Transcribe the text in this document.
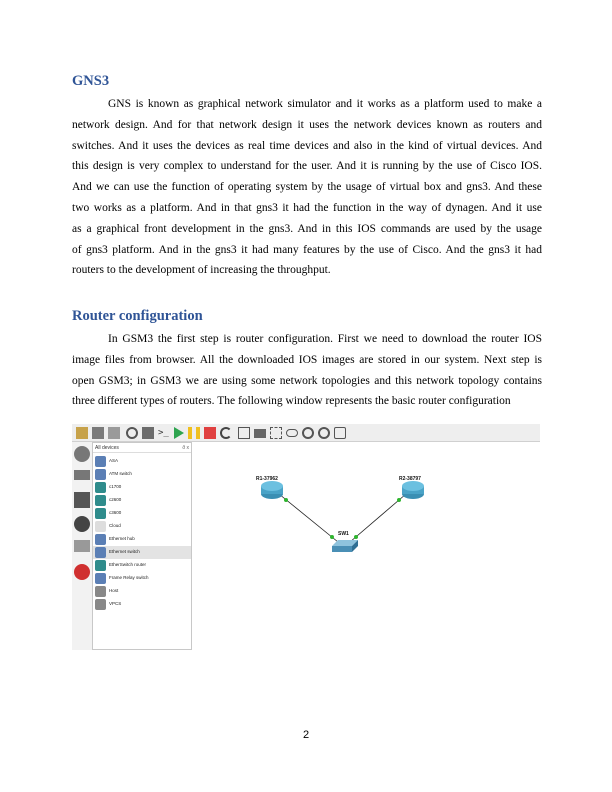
GNS3
GNS is known as graphical network simulator and it works as a platform used to make a
network design. And for that network design it uses the network devices known as routers and
switches. And it uses the devices as real time devices and also in the kind of virtual devices. And
this design is very complex to understand for the user. And it is running by the use of Cisco IOS.
And we can use the function of operating system by the usage of virtual box and gns3. And these
two works as a platform. And in that gns3 it had the function in the way of dynagen. And it use
as a graphical front development in the gns3. And in this IOS commands are used by the usage
of gns3 platform. And in the gns3 it had many features by the use of Cisco. And the gns3 it had
routers to the development of increasing the throughput.
Router configuration
In GSM3 the first step is router configuration. First we need to download the router IOS
image files from browser. All the downloaded IOS images are stored in our system. Next step is
open GSM3; in GSM3 we are using some network topologies and this network topology contains
three different types of routers. The following window represents the basic router configuration
>_
All devices	ð x
ASA
ATM switch
c1700
c2600
c3600
Cloud
Ethernet hub
Ethernet switch
EtherSwitch router
Frame Relay switch
Host
VPCS
R1-37962	R2-38797
SW1
2
